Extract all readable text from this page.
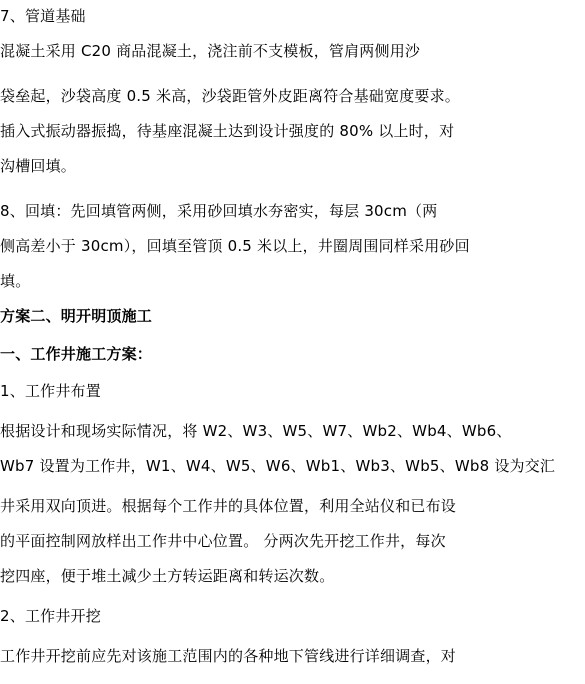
7、管道基础
混凝土采用 C20 商品混凝土，浇注前不支模板，管肩两侧用沙
袋垒起，沙袋高度 0.5 米高，沙袋距管外皮距离符合基础宽度要求。
插入式振动器振捣，待基座混凝土达到设计强度的 80% 以上时，对
沟槽回填。
8、回填：先回填管两侧，采用砂回填水夯密实，每层 30cm（两
侧高差小于 30cm），回填至管顶 0.5 米以上，井圈周围同样采用砂回
填。
方案二、明开明顶施工
一、工作井施工方案：
1、工作井布置
根据设计和现场实际情况，将 W2、W3、W5、W7、Wb2、Wb4、Wb6、
Wb7 设置为工作井，W1、W4、W5、W6、Wb1、Wb3、Wb5、Wb8 设为交汇
井采用双向顶进。根据每个工作井的具体位置，利用全站仪和已布设
的平面控制网放样出工作井中心位置。 分两次先开挖工作井，每次
挖四座，便于堆土减少土方转运距离和转运次数。
2、工作井开挖
工作井开挖前应先对该施工范围内的各种地下管线进行详细调查，对
